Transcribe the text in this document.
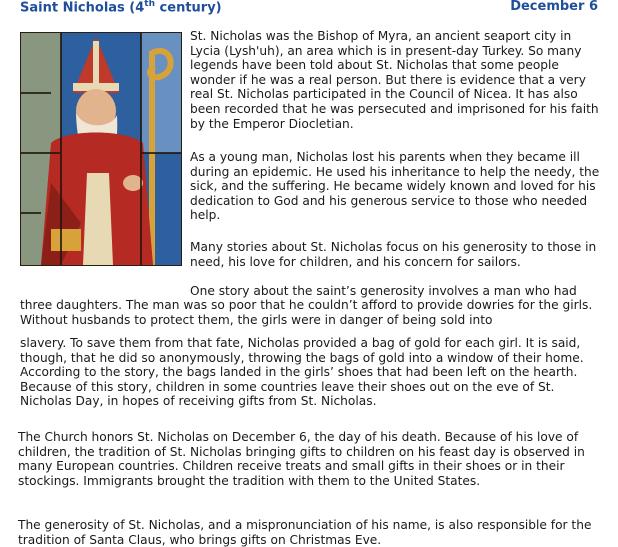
Saint Nicholas (4th century)	December 6

St. Nicholas was the Bishop of Myra, an ancient seaport city in Lycia (Lysh'uh), an area which is in present-day Turkey. So many legends have been told about St. Nicholas that some people wonder if he was a real person. But there is evidence that a very real St. Nicholas participated in the Council of Nicea. It has also been recorded that he was persecuted and imprisoned for his faith by the Emperor Diocletian.

As a young man, Nicholas lost his parents when they became ill during an epidemic. He used his inheritance to help the needy, the sick, and the suffering. He became widely known and loved for his dedication to God and his generous service to those who needed help.

Many stories about St. Nicholas focus on his generosity to those in need, his love for children, and his concern for sailors.

One story about the saint’s generosity involves a man who had

three daughters. The man was so poor that he couldn’t afford to provide dowries for the girls. Without husbands to protect them, the girls were in danger of being sold into

slavery. To save them from that fate, Nicholas provided a bag of gold for each girl. It is said, though, that he did so anonymously, throwing the bags of gold into a window of their home. According to the story, the bags landed in the girls’ shoes that had been left on the hearth. Because of this story, children in some countries leave their shoes out on the eve of St. Nicholas Day, in hopes of receiving gifts from St. Nicholas.

The Church honors St. Nicholas on December 6, the day of his death. Because of his love of children, the tradition of St. Nicholas bringing gifts to children on his feast day is observed in many European countries. Children receive treats and small gifts in their shoes or in their stockings. Immigrants brought the tradition with them to the United States.

The generosity of St. Nicholas, and a mispronunciation of his name, is also responsible for the tradition of Santa Claus, who brings gifts on Christmas Eve.
